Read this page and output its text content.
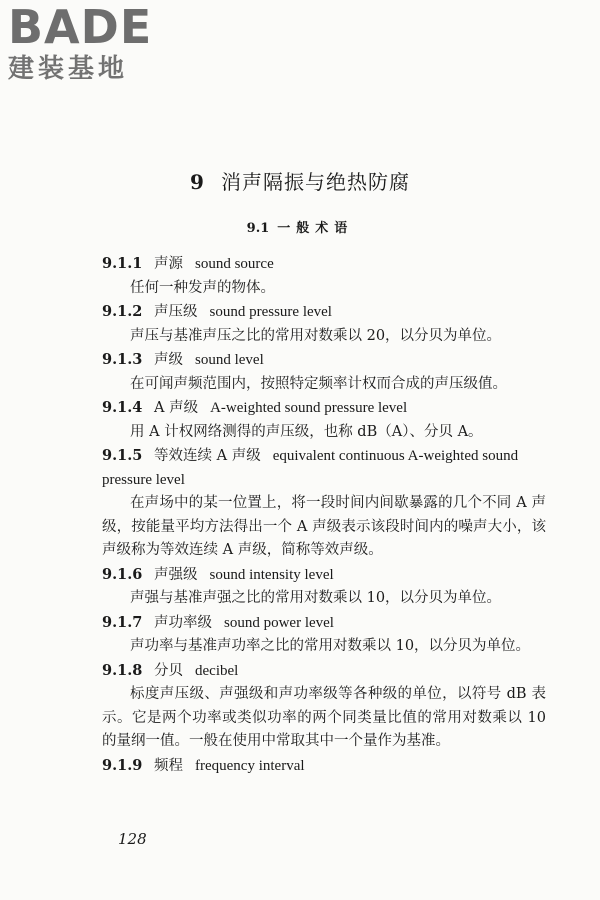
BADE
建装基地
9 消声隔振与绝热防腐
9.1 一般术语

9.1.1 声源 sound source

任何一种发声的物体。

9.1.2 声压级 sound pressure level

声压与基准声压之比的常用对数乘以 20，以分贝为单位。

9.1.3 声级 sound level

在可闻声频范围内，按照特定频率计权而合成的声压级值。

9.1.4 A 声级 A-weighted sound pressure level

用 A 计权网络测得的声压级，也称 dB（A）、分贝 A。

9.1.5 等效连续 A 声级 equivalent continuous A-weighted sound pressure level

在声场中的某一位置上，将一段时间内间歇暴露的几个不同 A 声级，按能量平均方法得出一个 A 声级表示该段时间内的噪声大小，该声级称为等效连续 A 声级，简称等效声级。

9.1.6 声强级 sound intensity level

声强与基准声强之比的常用对数乘以 10，以分贝为单位。

9.1.7 声功率级 sound power level

声功率与基准声功率之比的常用对数乘以 10，以分贝为单位。

9.1.8 分贝 decibel

标度声压级、声强级和声功率级等各种级的单位，以符号 dB 表示。它是两个功率或类似功率的两个同类量比值的常用对数乘以 10 的量纲一值。一般在使用中常取其中一个量作为基准。

9.1.9 频程 frequency interval

128
